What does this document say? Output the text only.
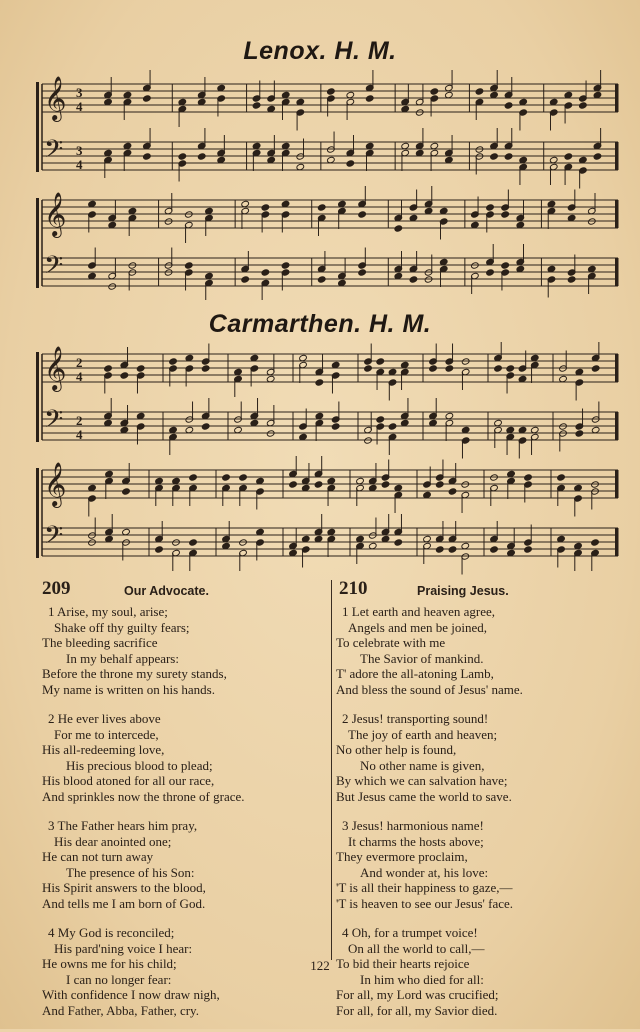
Lenox. H. M.
𝄞
𝄢
3
4
3
4
𝄞
𝄢
Carmarthen. H. M.
𝄞
𝄢
2
4
2
4
𝄞
𝄢
209	Our Advocate.
1 Arise, my soul, arise;
Shake off thy guilty fears;
The bleeding sacrifice
In my behalf appears:
Before the throne my surety stands,
My name is written on his hands.
2 He ever lives above
For me to intercede,
His all-redeeming love,
His precious blood to plead;
His blood atoned for all our race,
And sprinkles now the throne of grace.
3 The Father hears him pray,
His dear anointed one;
He can not turn away
The presence of his Son:
His Spirit answers to the blood,
And tells me I am born of God.
4 My God is reconciled;
His pard'ning voice I hear:
He owns me for his child;
I can no longer fear:
With confidence I now draw nigh,
And Father, Abba, Father, cry.
210	Praising Jesus.
1 Let earth and heaven agree,
Angels and men be joined,
To celebrate with me
The Savior of mankind.
T' adore the all-atoning Lamb,
And bless the sound of Jesus' name.
2 Jesus! transporting sound!
The joy of earth and heaven;
No other help is found,
No other name is given,
By which we can salvation have;
But Jesus came the world to save.
3 Jesus! harmonious name!
It charms the hosts above;
They evermore proclaim,
And wonder at, his love:
'T is all their happiness to gaze,—
'T is heaven to see our Jesus' face.
4 Oh, for a trumpet voice!
On all the world to call,—
To bid their hearts rejoice
In him who died for all:
For all, my Lord was crucified;
For all, for all, my Savior died.
122
